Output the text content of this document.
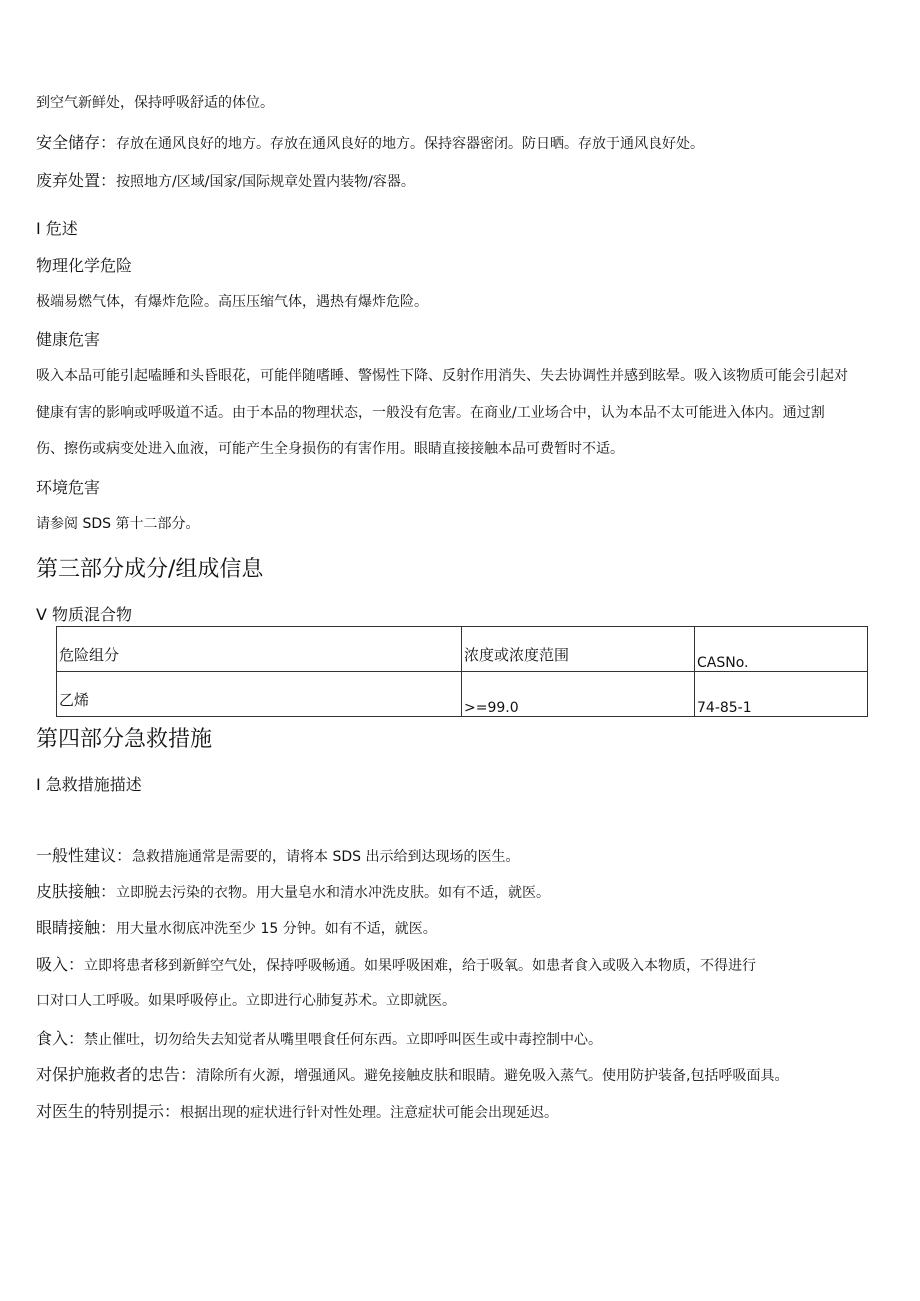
到空气新鲜处，保持呼吸舒适的体位。
安全储存：存放在通风良好的地方。存放在通风良好的地方。保持容器密闭。防日晒。存放于通风良好处。
废弃处置：按照地方/区域/国家/国际规章处置内装物/容器。
I 危述
物理化学危险
极端易燃气体，有爆炸危险。高压压缩气体，遇热有爆炸危险。
健康危害
吸入本品可能引起嗑睡和头昏眼花，可能伴随嗜睡、警惕性下降、反射作用消失、失去协调性并感到眩晕。吸入该物质可能会引起对
健康有害的影响或呼吸道不适。由于本品的物理状态，一般没有危害。在商业/工业场合中，认为本品不太可能进入体内。通过割
伤、擦伤或病变处进入血液，可能产生全身损伤的有害作用。眼睛直接接触本品可费暂时不适。
环境危害
请参阅 SDS 第十二部分。
第三部分成分/组成信息
V 物质混合物
危险组分	浓度或浓度范围	CASNo.
乙烯	>=99.0	74-85-1
第四部分急救措施
I 急救措施描述
一般性建议：急救措施通常是需要的，请将本 SDS 出示给到达现场的医生。
皮肤接触：立即脱去污染的衣物。用大量皂水和清水冲洗皮肤。如有不适，就医。
眼睛接触：用大量水彻底冲洗至少 15 分钟。如有不适，就医。
吸入：立即将患者移到新鲜空气处，保持呼吸畅通。如果呼吸困难，给于吸氧。如患者食入或吸入本物质，不得进行
口对口人工呼吸。如果呼吸停止。立即进行心肺复苏术。立即就医。
食入：禁止催吐，切勿给失去知觉者从嘴里喂食任何东西。立即呼叫医生或中毒控制中心。
对保护施救者的忠告：清除所有火源，增强通风。避免接触皮肤和眼睛。避免吸入蒸气。使用防护装备,包括呼吸面具。
对医生的特别提示：根据出现的症状进行针对性处理。注意症状可能会出现延迟。
